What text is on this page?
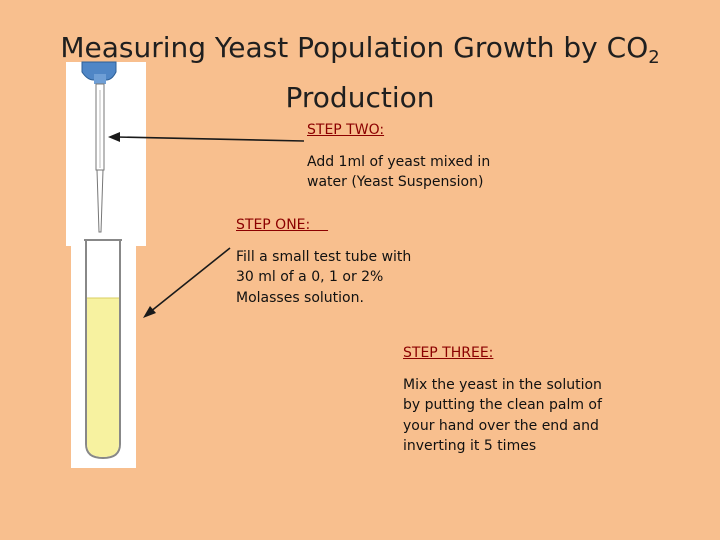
Measuring Yeast Population Growth by $CO_2$
Production
STEP TWO:
Add 1ml of yeast mixed in
water (Yeast Suspension)
STEP ONE:
Fill a small test tube with
30 ml of a 0, 1 or 2%
Molasses solution.
STEP THREE:
Mix the yeast in the solution
by putting the clean palm of
your hand over the end and
inverting it 5 times
